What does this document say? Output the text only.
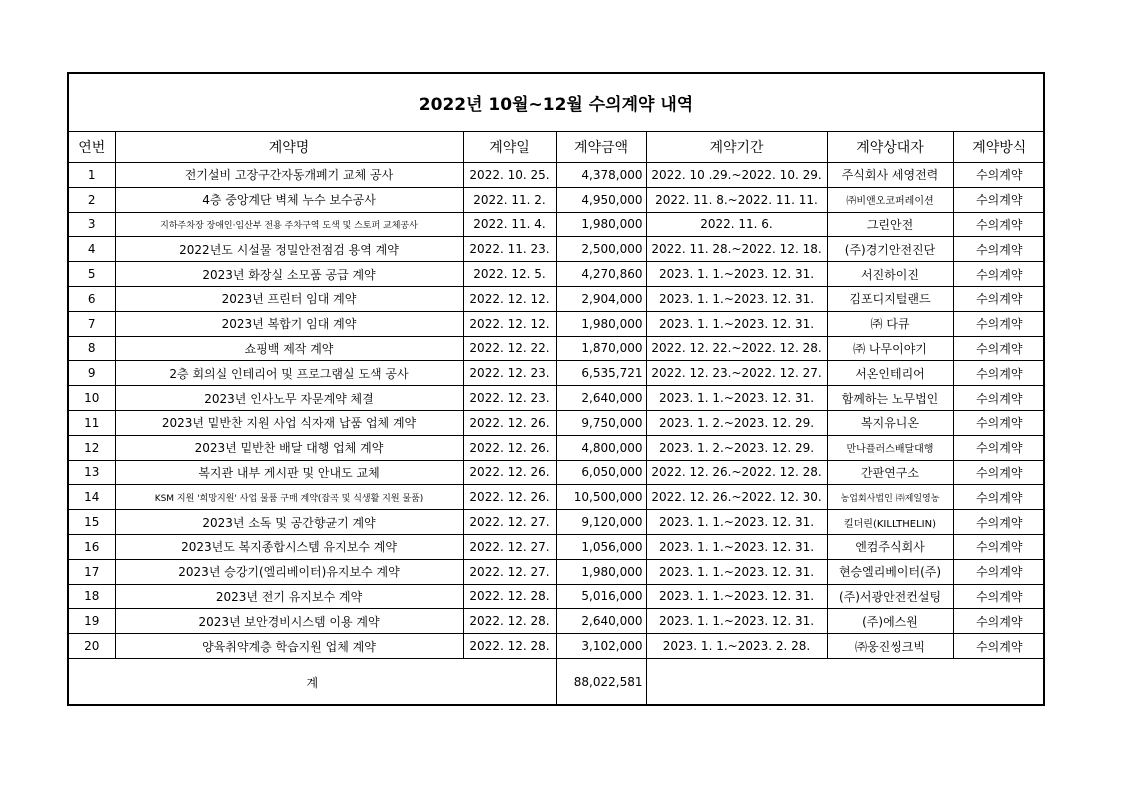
2022년 10월~12월 수의계약 내역
연번	계약명	계약일	계약금액	계약기간	계약상대자	계약방식
1	전기설비 고장구간자동개폐기 교체 공사	2022. 10. 25.	4,378,000	2022. 10 .29.~2022. 10. 29.	주식회사 세영전력	수의계약
2	4층 중앙계단 벽체 누수 보수공사	2022. 11. 2.	4,950,000	2022. 11. 8.~2022. 11. 11.	㈜비앤오코퍼레이션	수의계약
3	지하주차장 장애인·임산부 전용 주차구역 도색 및 스토퍼 교체공사	2022. 11. 4.	1,980,000	2022. 11. 6.	그린안전	수의계약
4	2022년도 시설물 정밀안전점검 용역 계약	2022. 11. 23.	2,500,000	2022. 11. 28.~2022. 12. 18.	(주)경기안전진단	수의계약
5	2023년 화장실 소모품 공급 계약	2022. 12. 5.	4,270,860	2023. 1. 1.~2023. 12. 31.	서진하이진	수의계약
6	2023년 프린터 임대 계약	2022. 12. 12.	2,904,000	2023. 1. 1.~2023. 12. 31.	김포디지털랜드	수의계약
7	2023년 복합기 임대 계약	2022. 12. 12.	1,980,000	2023. 1. 1.~2023. 12. 31.	㈜ 다큐	수의계약
8	쇼핑백 제작 계약	2022. 12. 22.	1,870,000	2022. 12. 22.~2022. 12. 28.	㈜ 나무이야기	수의계약
9	2층 회의실 인테리어 및 프로그램실 도색 공사	2022. 12. 23.	6,535,721	2022. 12. 23.~2022. 12. 27.	서온인테리어	수의계약
10	2023년 인사노무 자문계약 체결	2022. 12. 23.	2,640,000	2023. 1. 1.~2023. 12. 31.	함께하는 노무법인	수의계약
11	2023년 밑반찬 지원 사업 식자재 납품 업체 계약	2022. 12. 26.	9,750,000	2023. 1. 2.~2023. 12. 29.	복지유니온	수의계약
12	2023년 밑반찬 배달 대행 업체 계약	2022. 12. 26.	4,800,000	2023. 1. 2.~2023. 12. 29.	만나플러스배달대행	수의계약
13	복지관 내부 게시판 및 안내도 교체	2022. 12. 26.	6,050,000	2022. 12. 26.~2022. 12. 28.	간판연구소	수의계약
14	KSM 지원 '희망지원' 사업 물품 구매 계약(잡곡 및 식생활 지원 물품)	2022. 12. 26.	10,500,000	2022. 12. 26.~2022. 12. 30.	농업회사법인 ㈜제일영농	수의계약
15	2023년 소독 및 공간향균기 계약	2022. 12. 27.	9,120,000	2023. 1. 1.~2023. 12. 31.	킬더린(KILLTHELIN)	수의계약
16	2023년도 복지종합시스템 유지보수 계약	2022. 12. 27.	1,056,000	2023. 1. 1.~2023. 12. 31.	엔컴주식회사	수의계약
17	2023년 승강기(엘리베이터)유지보수 계약	2022. 12. 27.	1,980,000	2023. 1. 1.~2023. 12. 31.	현승엘리베이터(주)	수의계약
18	2023년 전기 유지보수 계약	2022. 12. 28.	5,016,000	2023. 1. 1.~2023. 12. 31.	(주)서광안전컨설팅	수의계약
19	2023년 보안경비시스템 이용 계약	2022. 12. 28.	2,640,000	2023. 1. 1.~2023. 12. 31.	(주)에스원	수의계약
20	양육취약계층 학습지원 업체 계약	2022. 12. 28.	3,102,000	2023. 1. 1.~2023. 2. 28.	㈜웅진씽크빅	수의계약
계			88,022,581			
